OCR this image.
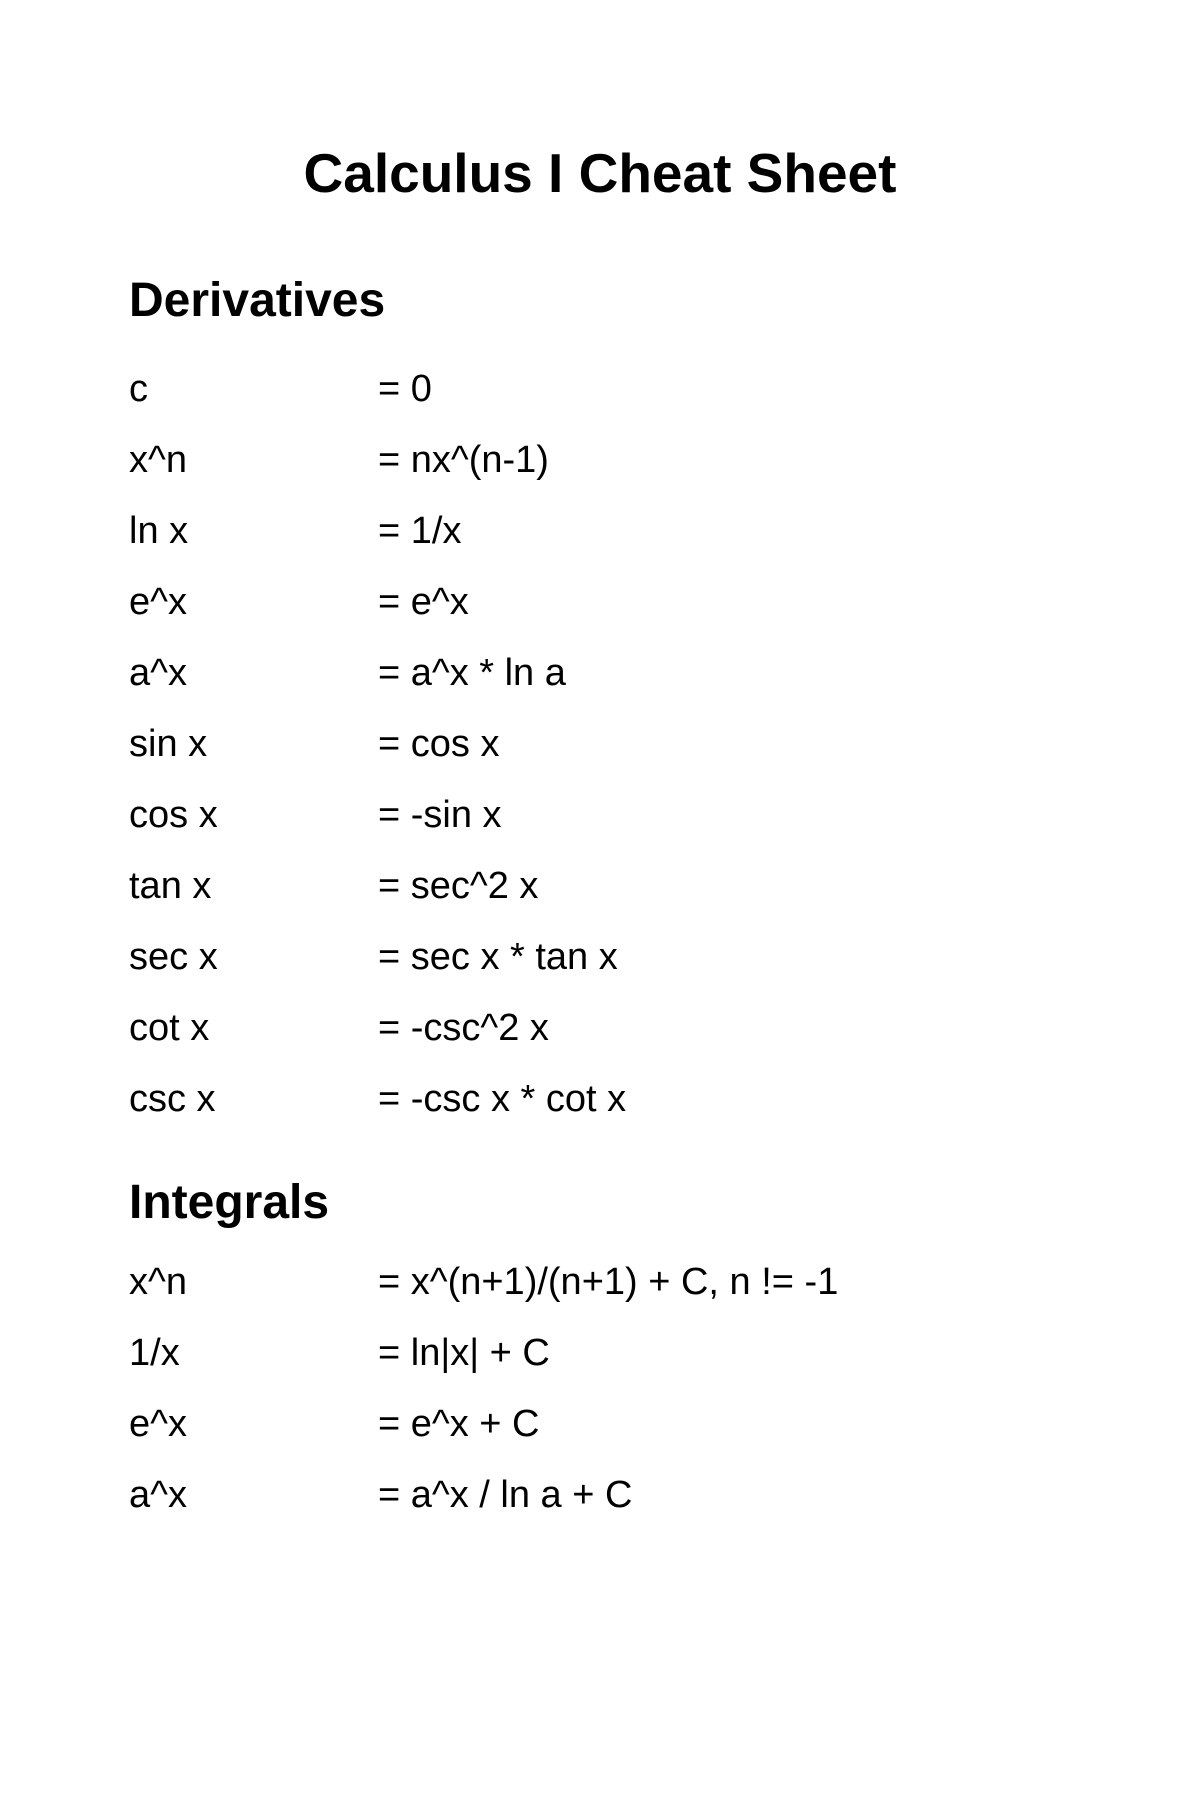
Calculus I Cheat Sheet
Derivatives
c	= 0
x^n	= nx^(n-1)
ln x	= 1/x
e^x	= e^x
a^x	= a^x * ln a
sin x	= cos x
cos x	= -sin x
tan x	= sec^2 x
sec x	= sec x * tan x
cot x	= -csc^2 x
csc x	= -csc x * cot x
Integrals
x^n	= x^(n+1)/(n+1) + C, n != -1
1/x	= ln|x| + C
e^x	= e^x + C
a^x	= a^x / ln a + C
